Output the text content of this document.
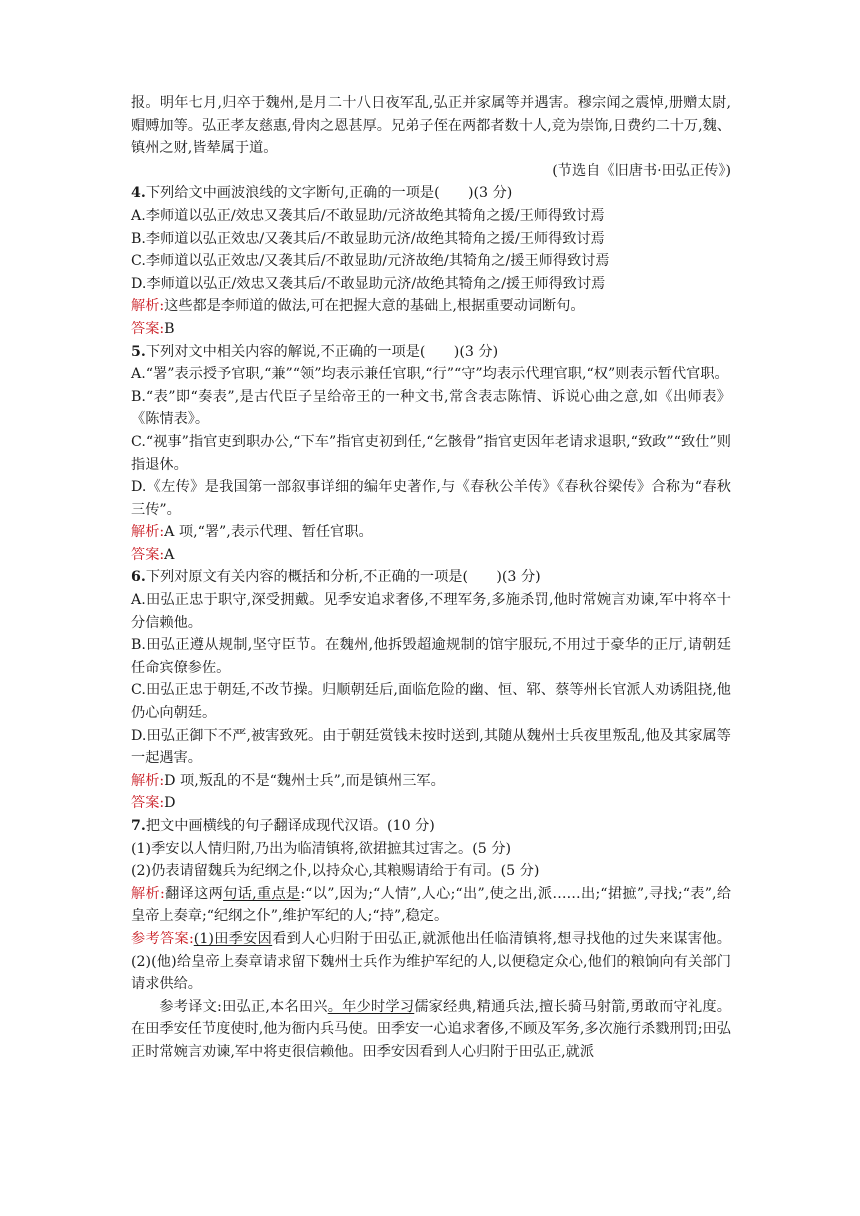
报。明年七月,归卒于魏州,是月二十八日夜军乱,弘正并家属等并遇害。穆宗闻之震悼,册赠太尉,赗赙加等。弘正孝友慈惠,骨肉之恩甚厚。兄弟子侄在两都者数十人,竞为崇饰,日费约二十万,魏、镇州之财,皆辇属于道。

(节选自《旧唐书·田弘正传》)

4.下列给文中画波浪线的文字断句,正确的一项是(　　)(3 分)

A.李师道以弘正/效忠又袭其后/不敢显助/元济故绝其犄角之援/王师得致讨焉

B.李师道以弘正效忠/又袭其后/不敢显助元济/故绝其犄角之援/王师得致讨焉

C.李师道以弘正效忠/又袭其后/不敢显助/元济故绝/其犄角之/援王师得致讨焉

D.李师道以弘正/效忠又袭其后/不敢显助元济/故绝其犄角之/援王师得致讨焉

解析:这些都是李师道的做法,可在把握大意的基础上,根据重要动词断句。

答案:B

5.下列对文中相关内容的解说,不正确的一项是(　　)(3 分)

A.“署”表示授予官职,“兼”“领”均表示兼任官职,“行”“守”均表示代理官职,“权”则表示暂代官职。

B.“表”即“奏表”,是古代臣子呈给帝王的一种文书,常含表志陈情、诉说心曲之意,如《出师表》《陈情表》。

C.“视事”指官吏到职办公,“下车”指官吏初到任,“乞骸骨”指官吏因年老请求退职,“致政”“致仕”则指退休。

D.《左传》是我国第一部叙事详细的编年史著作,与《春秋公羊传》《春秋谷梁传》合称为“春秋三传”。

解析:A 项,“署”,表示代理、暂任官职。

答案:A

6.下列对原文有关内容的概括和分析,不正确的一项是(　　)(3 分)

A.田弘正忠于职守,深受拥戴。见季安追求奢侈,不理军务,多施杀罚,他时常婉言劝谏,军中将卒十分信赖他。

B.田弘正遵从规制,坚守臣节。在魏州,他拆毁超逾规制的馆宇服玩,不用过于豪华的正厅,请朝廷任命宾僚参佐。

C.田弘正忠于朝廷,不改节操。归顺朝廷后,面临危险的幽、恒、郓、蔡等州长官派人劝诱阻挠,他仍心向朝廷。

D.田弘正御下不严,被害致死。由于朝廷赏钱未按时送到,其随从魏州士兵夜里叛乱,他及其家属等一起遇害。

解析:D 项,叛乱的不是“魏州士兵”,而是镇州三军。

答案:D

7.把文中画横线的句子翻译成现代汉语。(10 分)

(1)季安以人情归附,乃出为临清镇将,欲捃摭其过害之。(5 分)

(2)仍表请留魏兵为纪纲之仆,以持众心,其粮赐请给于有司。(5 分)

解析:翻译这两句话,重点是:“以”,因为;“人情”,人心;“出”,使之出,派……出;“捃摭”,寻找;“表”,给皇帝上奏章;“纪纲之仆”,维护军纪的人;“持”,稳定。

参考答案:(1)田季安因看到人心归附于田弘正,就派他出任临清镇将,想寻找他的过失来谋害他。(2)(他)给皇帝上奏章请求留下魏州士兵作为维护军纪的人,以便稳定众心,他们的粮饷向有关部门请求供给。

参考译文:田弘正,本名田兴。年少时学习儒家经典,精通兵法,擅长骑马射箭,勇敢而守礼度。在田季安任节度使时,他为衙内兵马使。田季安一心追求奢侈,不顾及军务,多次施行杀戮刑罚;田弘正时常婉言劝谏,军中将吏很信赖他。田季安因看到人心归附于田弘正,就派
